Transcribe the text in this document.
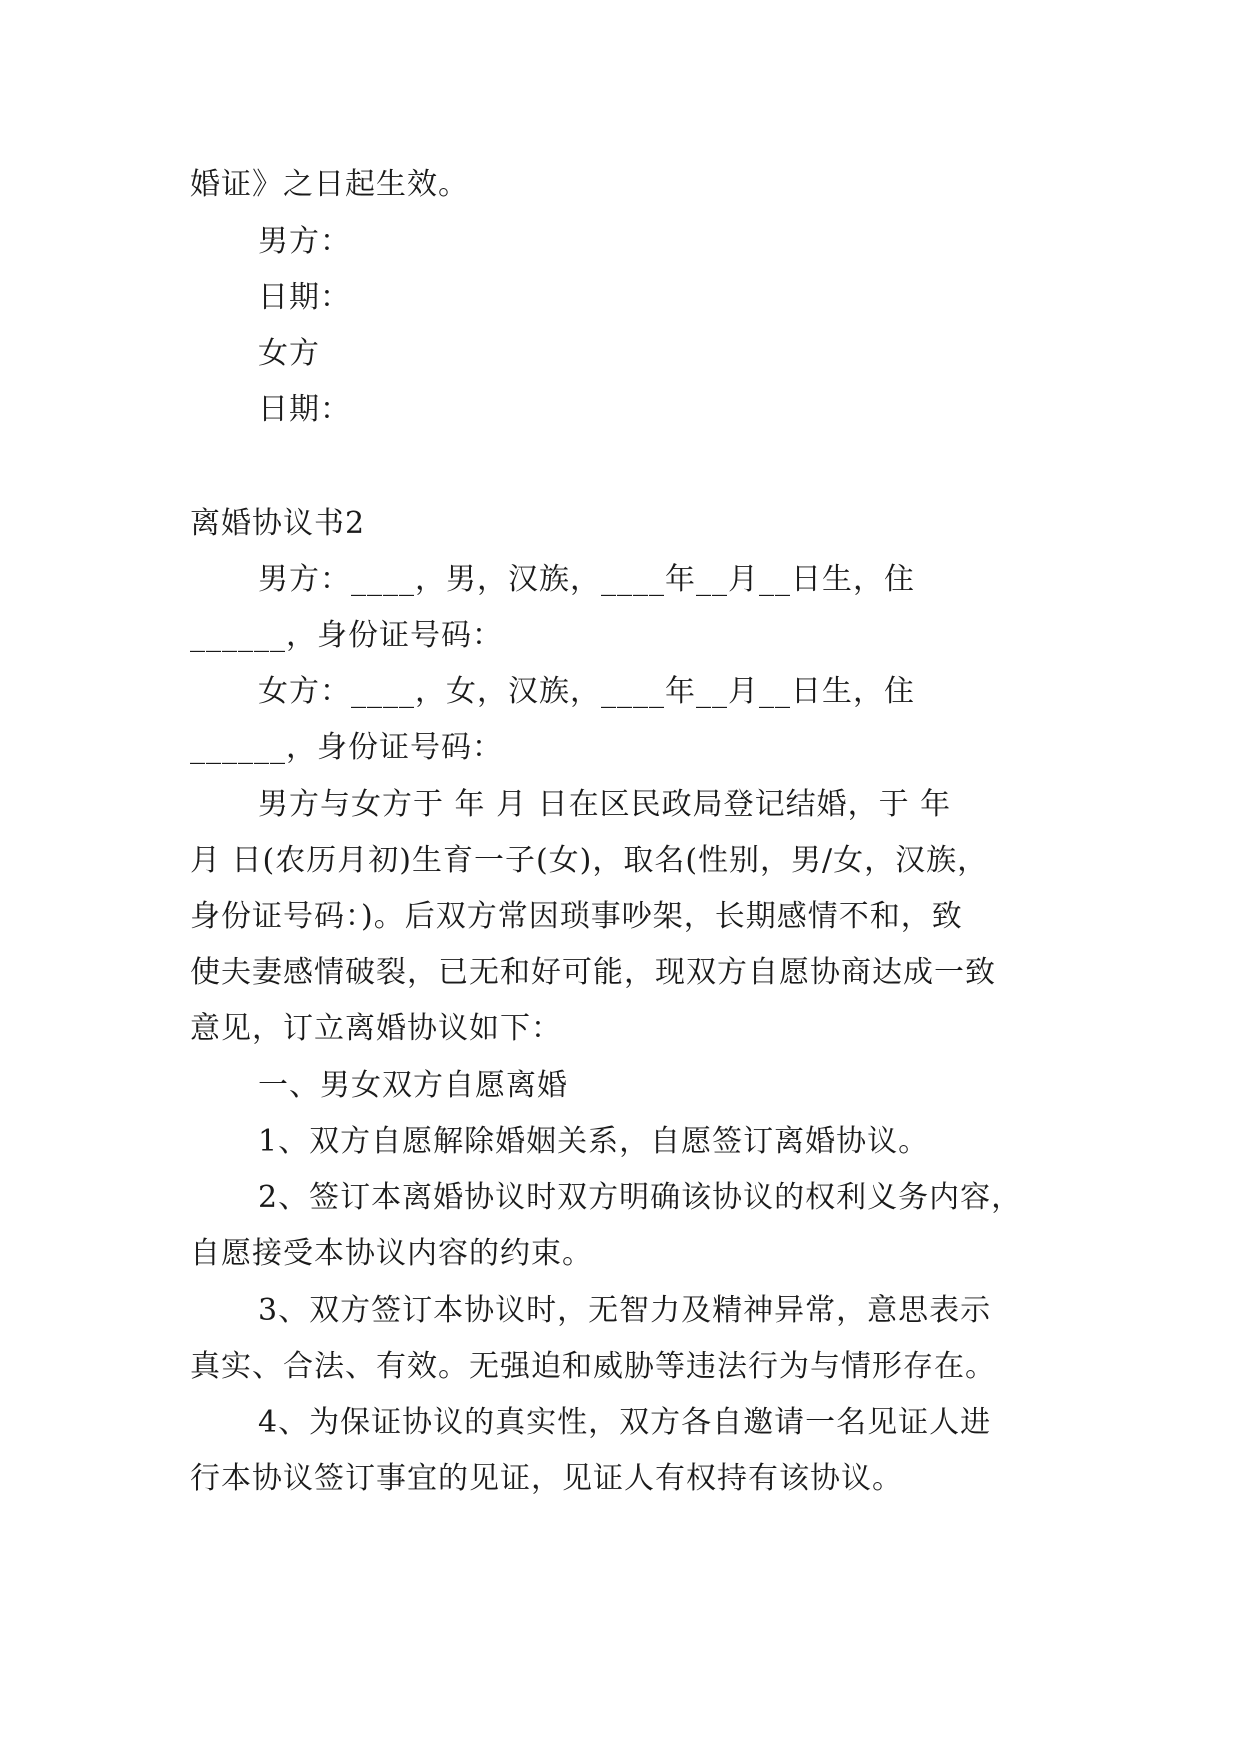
婚证》之日起生效。
男方：
日期：
女方
日期：
离婚协议书2
男方：____，男，汉族，____年__月__日生，住
______，身份证号码：
女方：____，女，汉族，____年__月__日生，住
______，身份证号码：
男方与女方于 年 月 日在区民政局登记结婚，于 年
月 日(农历月初)生育一子(女)，取名(性别，男/女，汉族，
身份证号码：)。后双方常因琐事吵架，长期感情不和，致
使夫妻感情破裂，已无和好可能，现双方自愿协商达成一致
意见，订立离婚协议如下：
一、男女双方自愿离婚
1、双方自愿解除婚姻关系，自愿签订离婚协议。
2、签订本离婚协议时双方明确该协议的权利义务内容，
自愿接受本协议内容的约束。
3、双方签订本协议时，无智力及精神异常，意思表示
真实、合法、有效。无强迫和威胁等违法行为与情形存在。
4、为保证协议的真实性，双方各自邀请一名见证人进
行本协议签订事宜的见证，见证人有权持有该协议。
